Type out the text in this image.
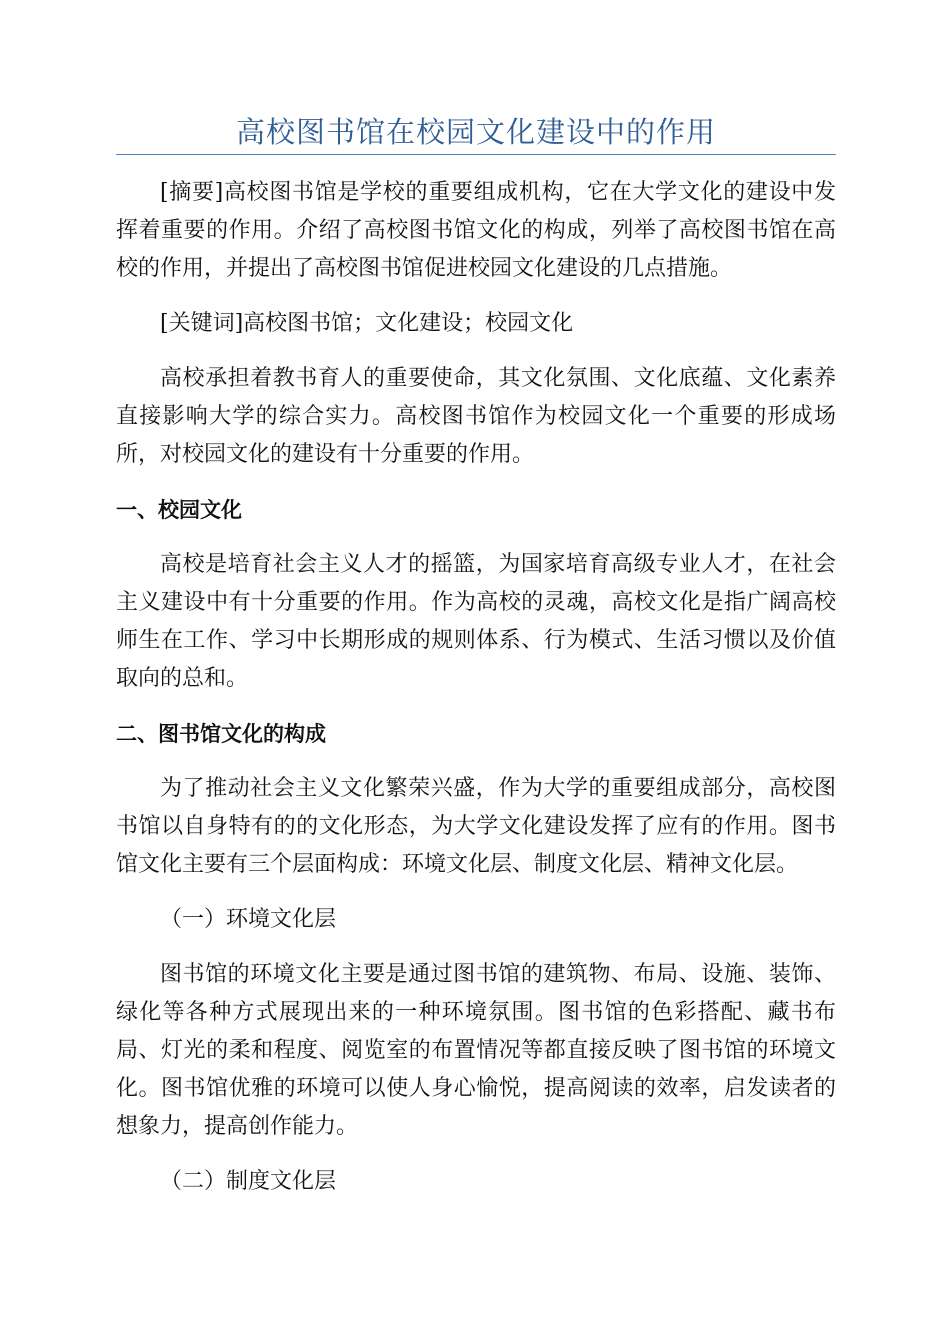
高校图书馆在校园文化建设中的作用

[摘要]高校图书馆是学校的重要组成机构，它在大学文化的建设中发挥着重要的作用。介绍了高校图书馆文化的构成，列举了高校图书馆在高校的作用，并提出了高校图书馆促进校园文化建设的几点措施。

[关键词]高校图书馆；文化建设；校园文化

高校承担着教书育人的重要使命，其文化氛围、文化底蕴、文化素养直接影响大学的综合实力。高校图书馆作为校园文化一个重要的形成场所，对校园文化的建设有十分重要的作用。

一、校园文化

高校是培育社会主义人才的摇篮，为国家培育高级专业人才，在社会主义建设中有十分重要的作用。作为高校的灵魂，高校文化是指广阔高校师生在工作、学习中长期形成的规则体系、行为模式、生活习惯以及价值取向的总和。

二、图书馆文化的构成

为了推动社会主义文化繁荣兴盛，作为大学的重要组成部分，高校图书馆以自身特有的的文化形态，为大学文化建设发挥了应有的作用。图书馆文化主要有三个层面构成：环境文化层、制度文化层、精神文化层。

（一）环境文化层

图书馆的环境文化主要是通过图书馆的建筑物、布局、设施、装饰、绿化等各种方式展现出来的一种环境氛围。图书馆的色彩搭配、藏书布局、灯光的柔和程度、阅览室的布置情况等都直接反映了图书馆的环境文化。图书馆优雅的环境可以使人身心愉悦，提高阅读的效率，启发读者的想象力，提高创作能力。

（二）制度文化层
